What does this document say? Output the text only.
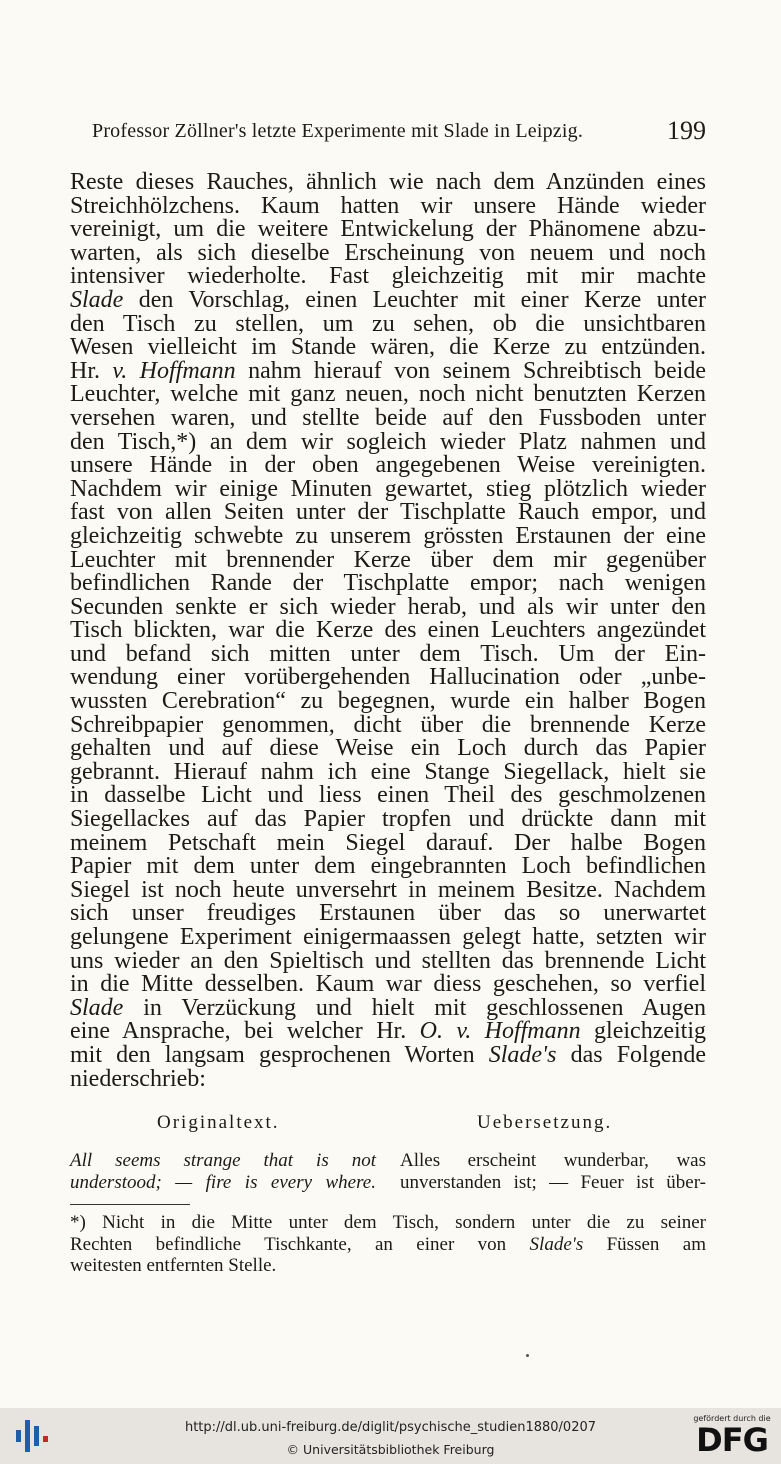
Professor Zöllner's letzte Experimente mit Slade in Leipzig.	199
Reste dieses Rauches, ähnlich wie nach dem Anzünden eines
Streichhölzchens. Kaum hatten wir unsere Hände wieder
vereinigt, um die weitere Entwickelung der Phänomene abzu-
warten, als sich dieselbe Erscheinung von neuem und noch
intensiver wiederholte. Fast gleichzeitig mit mir machte
Slade den Vorschlag, einen Leuchter mit einer Kerze unter
den Tisch zu stellen, um zu sehen, ob die unsichtbaren
Wesen vielleicht im Stande wären, die Kerze zu entzünden.
Hr. v. Hoffmann nahm hierauf von seinem Schreibtisch beide
Leuchter, welche mit ganz neuen, noch nicht benutzten Kerzen
versehen waren, und stellte beide auf den Fussboden unter
den Tisch,*) an dem wir sogleich wieder Platz nahmen und
unsere Hände in der oben angegebenen Weise vereinigten.
Nachdem wir einige Minuten gewartet, stieg plötzlich wieder
fast von allen Seiten unter der Tischplatte Rauch empor, und
gleichzeitig schwebte zu unserem grössten Erstaunen der eine
Leuchter mit brennender Kerze über dem mir gegenüber
befindlichen Rande der Tischplatte empor; nach wenigen
Secunden senkte er sich wieder herab, und als wir unter den
Tisch blickten, war die Kerze des einen Leuchters angezündet
und befand sich mitten unter dem Tisch. Um der Ein-
wendung einer vorübergehenden Hallucination oder „unbe-
wussten Cerebration“ zu begegnen, wurde ein halber Bogen
Schreibpapier genommen, dicht über die brennende Kerze
gehalten und auf diese Weise ein Loch durch das Papier
gebrannt. Hierauf nahm ich eine Stange Siegellack, hielt sie
in dasselbe Licht und liess einen Theil des geschmolzenen
Siegellackes auf das Papier tropfen und drückte dann mit
meinem Petschaft mein Siegel darauf. Der halbe Bogen
Papier mit dem unter dem eingebrannten Loch befindlichen
Siegel ist noch heute unversehrt in meinem Besitze. Nachdem
sich unser freudiges Erstaunen über das so unerwartet
gelungene Experiment einigermaassen gelegt hatte, setzten wir
uns wieder an den Spieltisch und stellten das brennende Licht
in die Mitte desselben. Kaum war diess geschehen, so verfiel
Slade in Verzückung und hielt mit geschlossenen Augen
eine Ansprache, bei welcher Hr. O. v. Hoffmann gleichzeitig
mit den langsam gesprochenen Worten Slade's das Folgende
niederschrieb:
Originaltext.	Uebersetzung.
All seems strange that is not
understood; — fire is every where.
Alles erscheint wunderbar, was
unverstanden ist; — Feuer ist über-
*) Nicht in die Mitte unter dem Tisch, sondern unter die zu seiner
Rechten befindliche Tischkante, an einer von Slade's Füssen am
weitesten entfernten Stelle.
http://dl.ub.uni-freiburg.de/diglit/psychische_studien1880/0207
© Universitätsbibliothek Freiburg
gefördert durch die
DFG
